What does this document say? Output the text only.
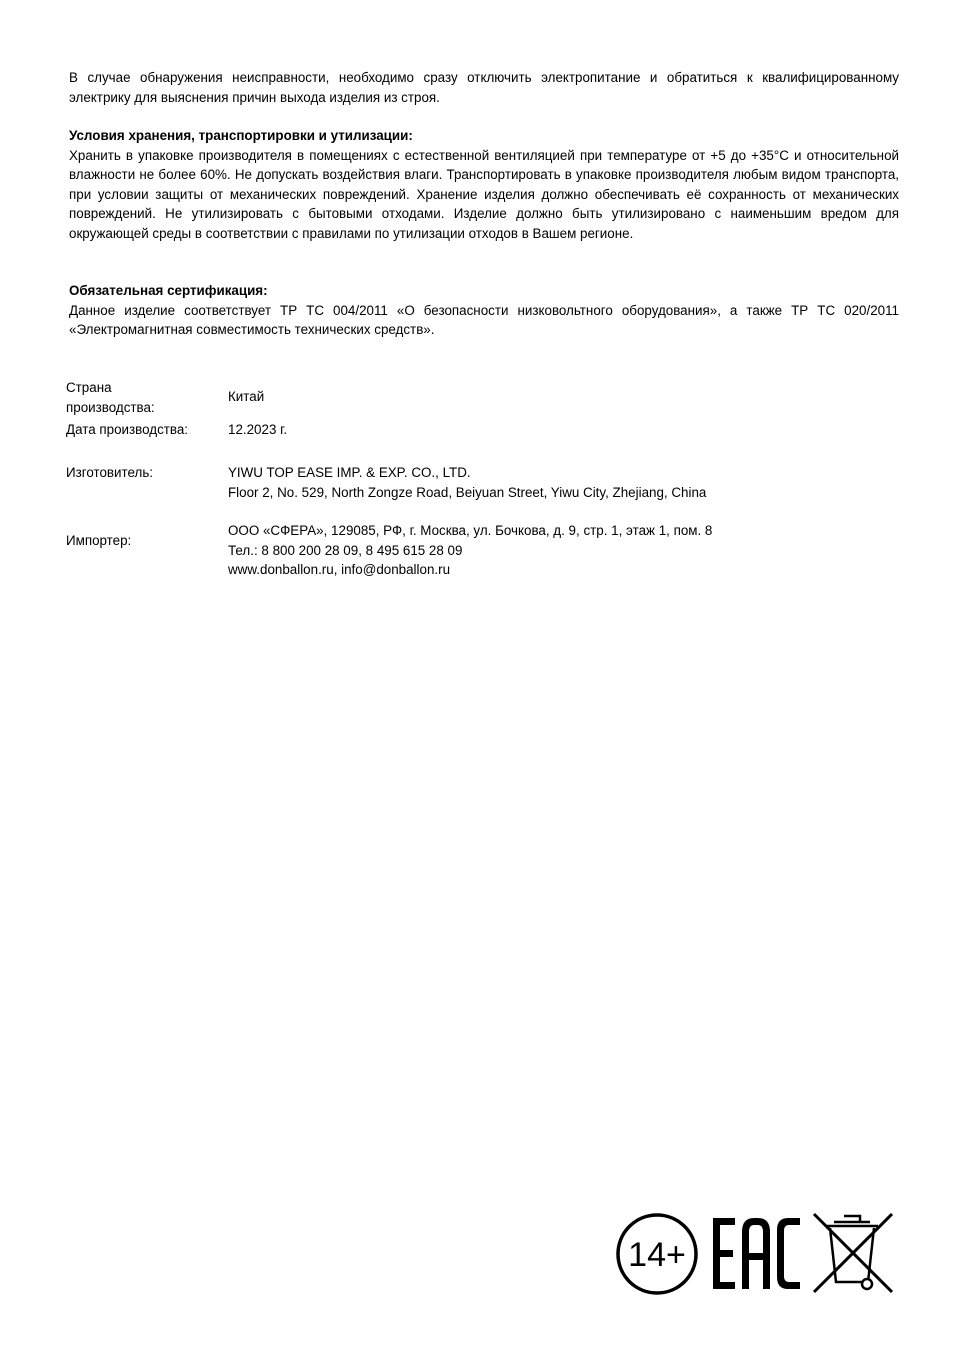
В случае обнаружения неисправности, необходимо сразу отключить электропитание и обратиться к квалифицированному электрику для выяснения причин выхода изделия из строя.

Условия хранения, транспортировки и утилизации:

Хранить в упаковке производителя в помещениях с естественной вентиляцией при температуре от +5 до +35°С и относительной влажности не более 60%. Не допускать воздействия влаги. Транспортировать в упаковке производителя любым видом транспорта, при условии защиты от механических повреждений. Хранение изделия должно обеспечивать её сохранность от механических повреждений. Не утилизировать с бытовыми отходами. Изделие должно быть утилизировано с наименьшим вредом для окружающей среды в соответствии с правилами по утилизации отходов в Вашем регионе.

Обязательная сертификация:

Данное изделие соответствует ТР ТС 004/2011 «О безопасности низковольтного оборудования», а также ТР ТС 020/2011 «Электромагнитная совместимость технических средств».

Страна производства:
Китай
Дата производства:	12.2023 г.
Изготовитель:	YIWU TOP EASE IMP. & EXP. CO., LTD.
Floor 2, No. 529, North Zongze Road, Beiyuan Street, Yiwu City, Zhejiang, China
Импортер:
ООО «СФЕРА», 129085, РФ, г. Москва, ул. Бочкова, д. 9, стр. 1, этаж 1, пом. 8
Тел.: 8 800 200 28 09, 8 495 615 28 09
www.donballon.ru, info@donballon.ru
14+
